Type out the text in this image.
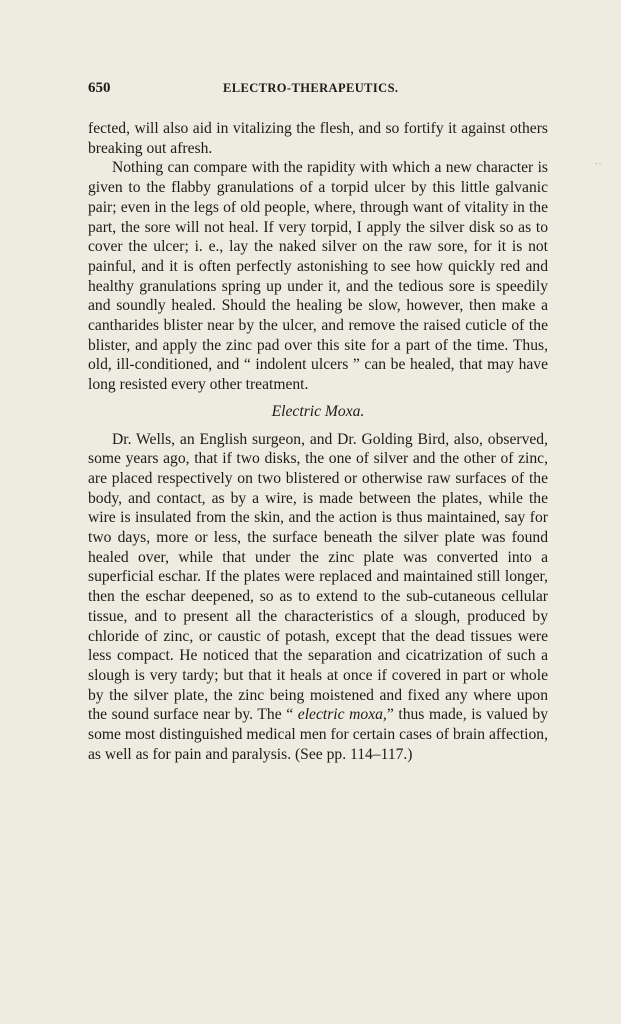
650	ELECTRO-THERAPEUTICS.
. .

fected, will also aid in vitalizing the flesh, and so fortify it against others breaking out afresh.

Nothing can compare with the rapidity with which a new character is given to the flabby granulations of a torpid ulcer by this little galvanic pair; even in the legs of old people, where, through want of vitality in the part, the sore will not heal. If very torpid, I apply the silver disk so as to cover the ulcer; i. e., lay the naked silver on the raw sore, for it is not painful, and it is often perfectly astonishing to see how quickly red and healthy granulations spring up under it, and the tedious sore is speedily and soundly healed. Should the healing be slow, however, then make a cantharides blister near by the ulcer, and remove the raised cuticle of the blister, and apply the zinc pad over this site for a part of the time. Thus, old, ill-conditioned, and “ indolent ulcers ” can be healed, that may have long resisted every other treatment.

Electric Moxa.

Dr. Wells, an English surgeon, and Dr. Golding Bird, also, observed, some years ago, that if two disks, the one of silver and the other of zinc, are placed respectively on two blistered or otherwise raw surfaces of the body, and contact, as by a wire, is made between the plates, while the wire is insulated from the skin, and the action is thus maintained, say for two days, more or less, the surface beneath the silver plate was found healed over, while that under the zinc plate was converted into a superficial eschar. If the plates were replaced and maintained still longer, then the eschar deepened, so as to extend to the sub-cutaneous cellular tissue, and to present all the characteristics of a slough, produced by chloride of zinc, or caustic of potash, except that the dead tissues were less compact. He noticed that the separation and cicatrization of such a slough is very tardy; but that it heals at once if covered in part or whole by the silver plate, the zinc being moistened and fixed any where upon the sound surface near by. The “ electric moxa,” thus made, is valued by some most distinguished medical men for certain cases of brain affection, as well as for pain and paralysis. (See pp. 114–117.)
